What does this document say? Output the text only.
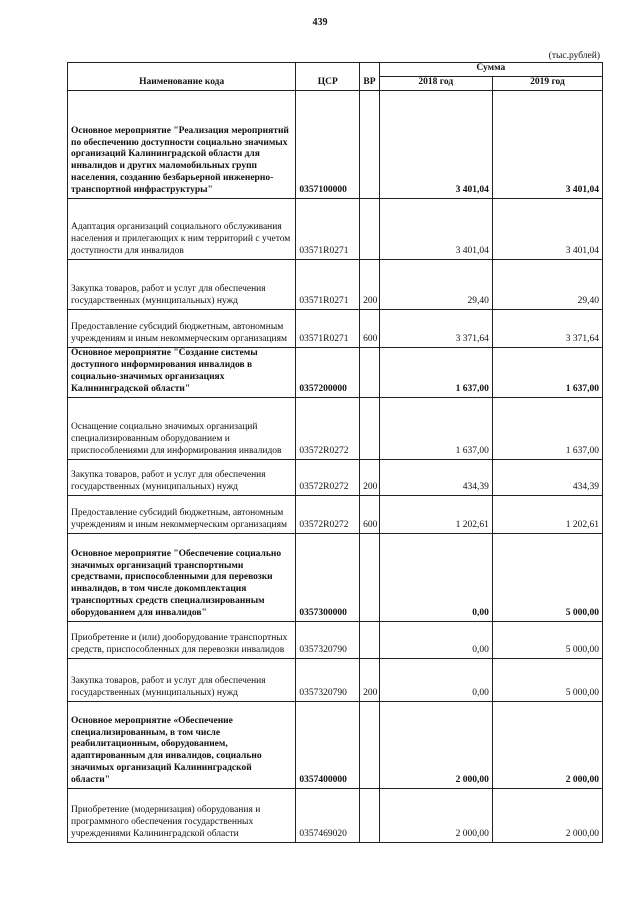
439
(тыс.рублей)
Наименование кода	ЦСР	ВР	Сумма	
			2018 год	2019 год
Основное мероприятие "Реализация мероприятий по обеспечению доступности социально значимых организаций Калининградской области для инвалидов и других маломобильных групп населения, созданию безбарьерной инженерно-транспортной инфраструктуры"	0357100000		3 401,04	3 401,04
Адаптация организаций социального обслуживания населения и прилегающих к ним территорий с учетом доступности для инвалидов	03571R0271		3 401,04	3 401,04
Закупка товаров, работ и услуг для обеспечения государственных (муниципальных) нужд	03571R0271	200	29,40	29,40
Предоставление субсидий бюджетным, автономным учреждениям и иным некоммерческим организациям	03571R0271	600	3 371,64	3 371,64
Основное мероприятие "Создание системы доступного информирования инвалидов в социально-значимых организациях Калининградской области"	0357200000		1 637,00	1 637,00
Оснащение социально значимых организаций специализированным оборудованием и приспособлениями для информирования инвалидов	03572R0272		1 637,00	1 637,00
Закупка товаров, работ и услуг для обеспечения государственных (муниципальных) нужд	03572R0272	200	434,39	434,39
Предоставление субсидий бюджетным, автономным учреждениям и иным некоммерческим организациям	03572R0272	600	1 202,61	1 202,61
Основное мероприятие "Обеспечение социально значимых организаций транспортными средствами, приспособленными для перевозки инвалидов, в том числе докомплектация транспортных средств специализированным оборудованием для инвалидов"	0357300000		0,00	5 000,00
Приобретение и (или) дооборудование транспортных средств, приспособленных для перевозки инвалидов	0357320790		0,00	5 000,00
Закупка товаров, работ и услуг для обеспечения государственных (муниципальных) нужд	0357320790	200	0,00	5 000,00
Основное мероприятие «Обеспечение специализированным, в том числе реабилитационным, оборудованием, адаптированным для инвалидов, социально значимых организаций Калининградской области"	0357400000		2 000,00	2 000,00
Приобретение (модернизация) оборудования и программного обеспечения государственных учреждениями Калининградской области	0357469020		2 000,00	2 000,00
